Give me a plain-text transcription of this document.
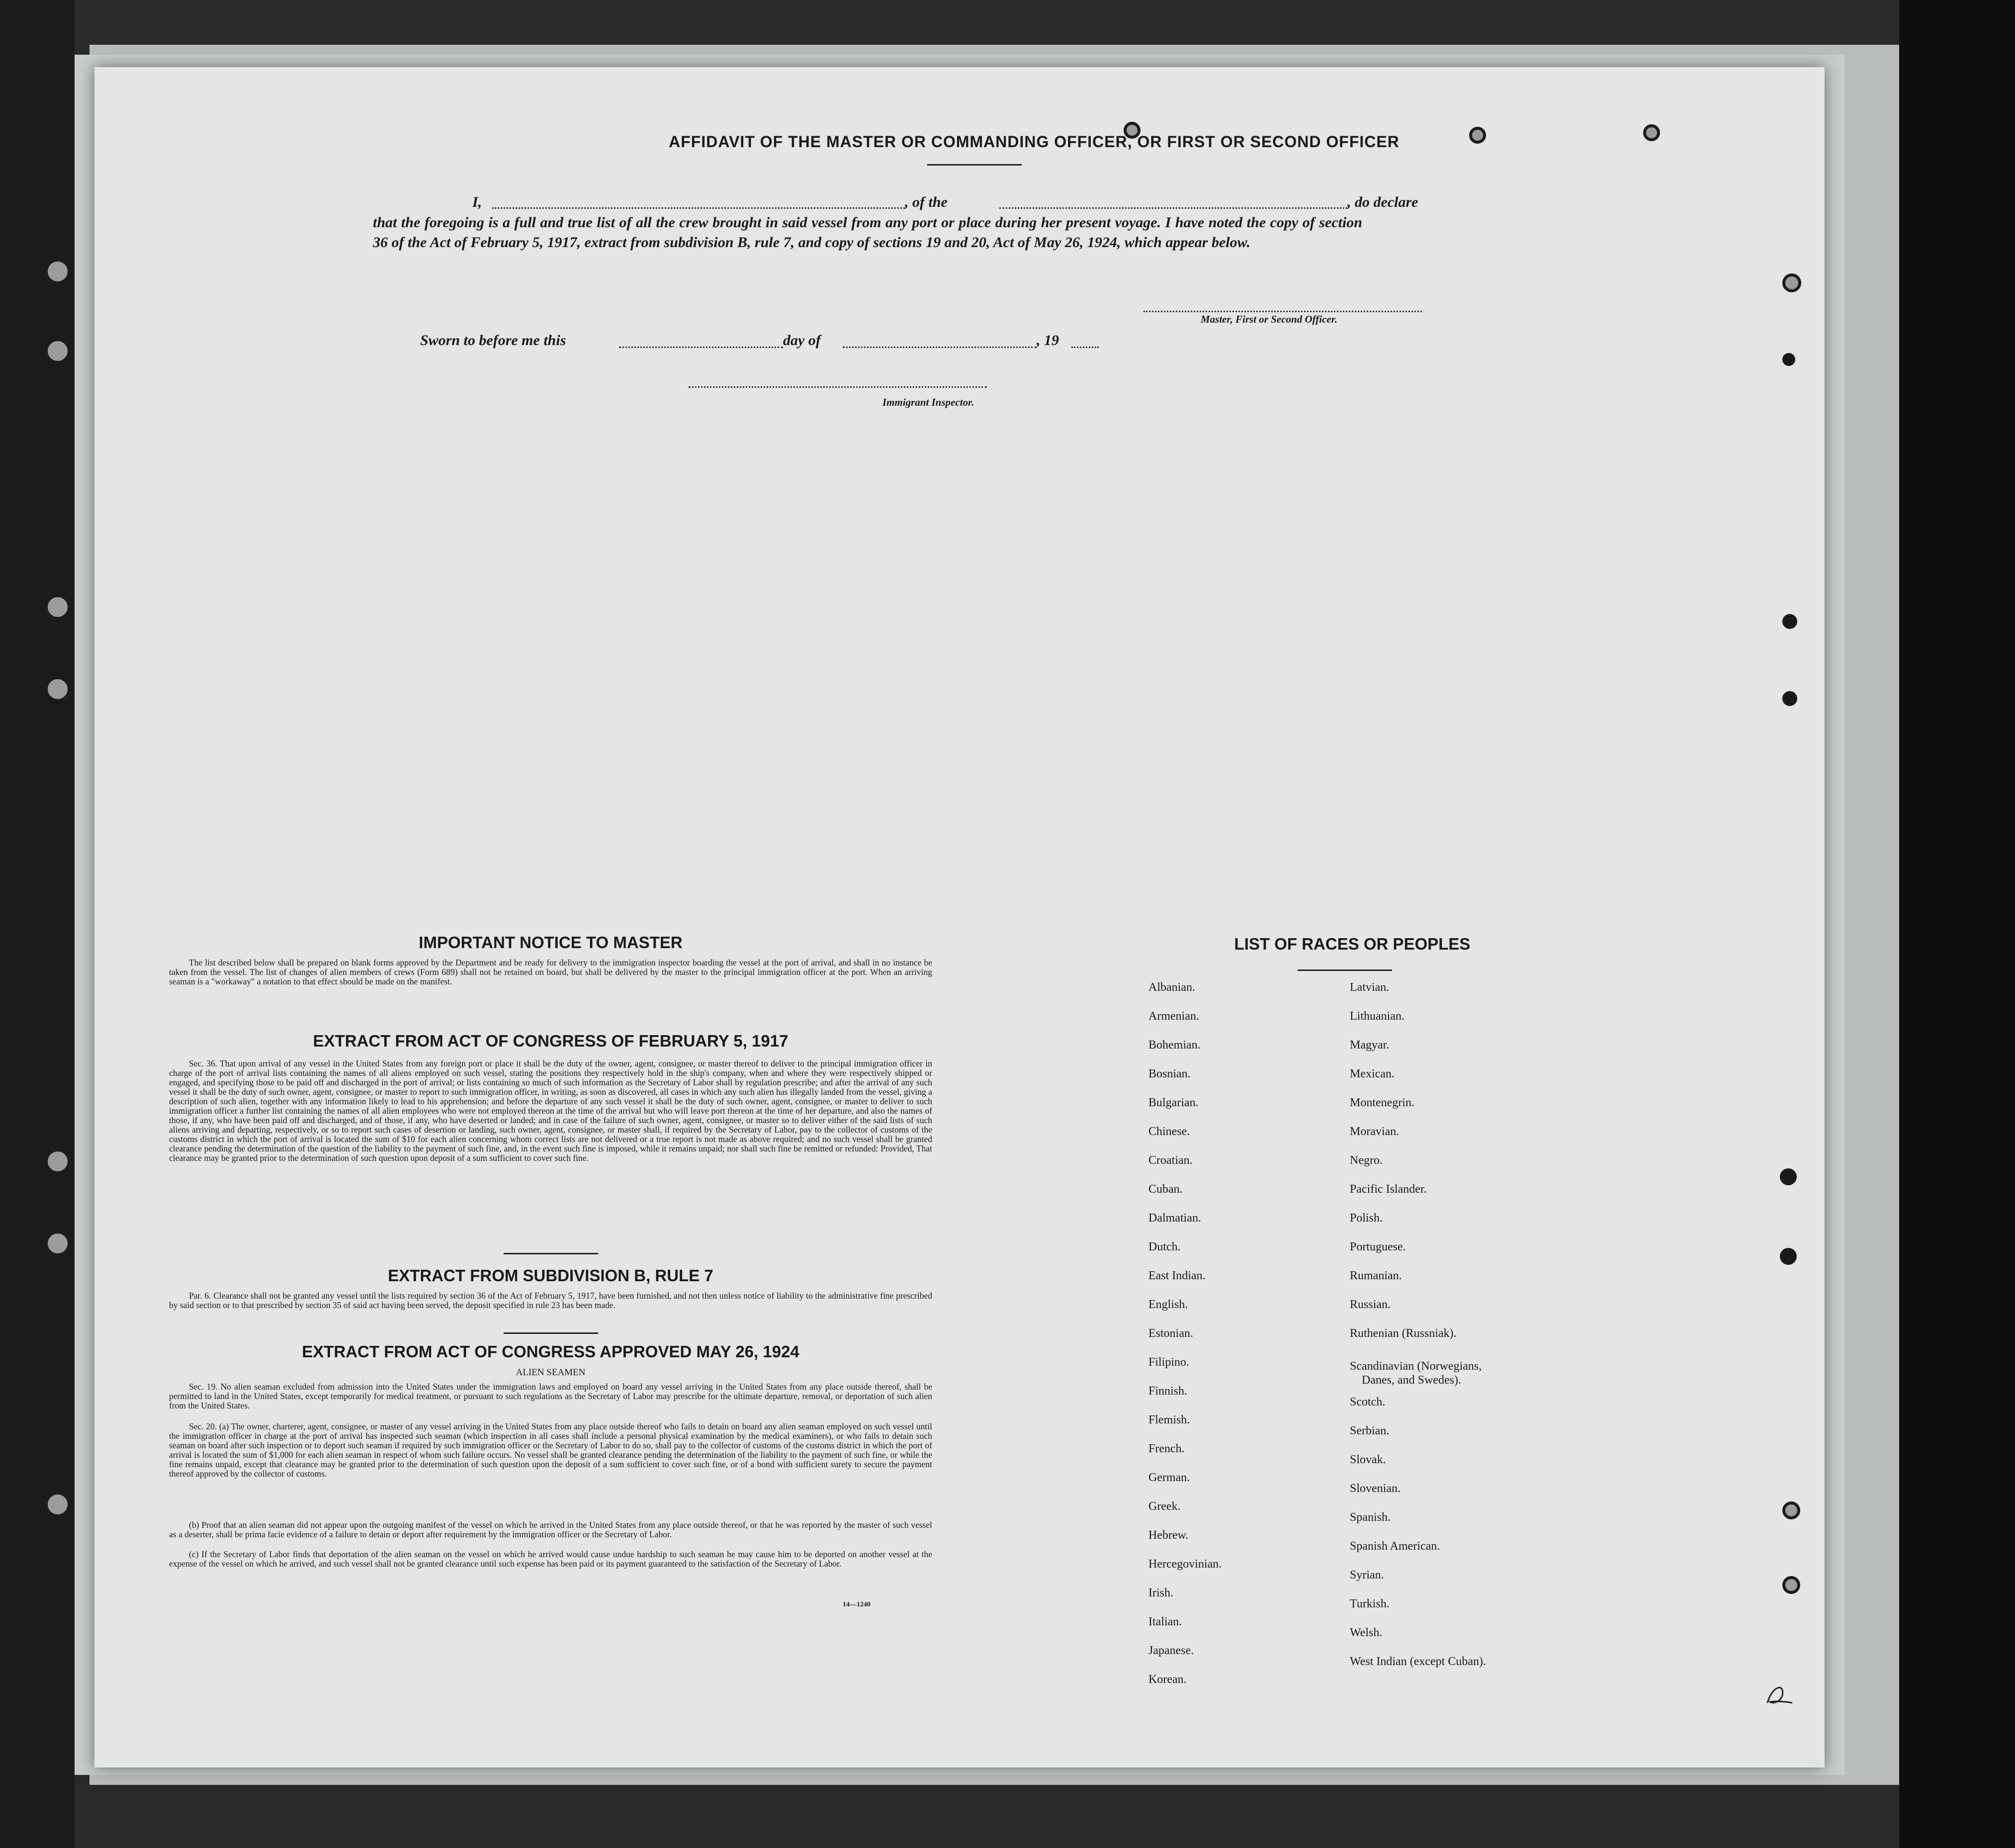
AFFIDAVIT OF THE MASTER OR COMMANDING OFFICER, OR FIRST OR SECOND OFFICER
I,	, of the	, do declare
that the foregoing is a full and true list of all the crew brought in said vessel from any port or place during her present voyage. I have noted the copy of section 36 of the Act of February 5, 1917, extract from subdivision B, rule 7, and copy of sections 19 and 20, Act of May 26, 1924, which appear below.
Master, First or Second Officer.
Sworn to before me this	day of	, 19
Immigrant Inspector.
IMPORTANT NOTICE TO MASTER
The list described below shall be prepared on blank forms approved by the Department and be ready for delivery to the immigration inspector boarding the vessel at the port of arrival, and shall in no instance be taken from the vessel. The list of changes of alien members of crews (Form 689) shall not be retained on board, but shall be delivered by the master to the principal immigration officer at the port. When an arriving seaman is a "workaway" a notation to that effect should be made on the manifest.
EXTRACT FROM ACT OF CONGRESS OF FEBRUARY 5, 1917
Sec. 36. That upon arrival of any vessel in the United States from any foreign port or place it shall be the duty of the owner, agent, consignee, or master thereof to deliver to the principal immigration officer in charge of the port of arrival lists containing the names of all aliens employed on such vessel, stating the positions they respectively hold in the ship's company, when and where they were respectively shipped or engaged, and specifying those to be paid off and discharged in the port of arrival; or lists containing so much of such information as the Secretary of Labor shall by regulation prescribe; and after the arrival of any such vessel it shall be the duty of such owner, agent, consignee, or master to report to such immigration officer, in writing, as soon as discovered, all cases in which any such alien has illegally landed from the vessel, giving a description of such alien, together with any information likely to lead to his apprehension; and before the departure of any such vessel it shall be the duty of such owner, agent, consignee, or master to deliver to such immigration officer a further list containing the names of all alien employees who were not employed thereon at the time of the arrival but who will leave port thereon at the time of her departure, and also the names of those, if any, who have been paid off and discharged, and of those, if any, who have deserted or landed; and in case of the failure of such owner, agent, consignee, or master so to deliver either of the said lists of such aliens arriving and departing, respectively, or so to report such cases of desertion or landing, such owner, agent, consignee, or master shall, if required by the Secretary of Labor, pay to the collector of customs of the customs district in which the port of arrival is located the sum of $10 for each alien concerning whom correct lists are not delivered or a true report is not made as above required; and no such vessel shall be granted clearance pending the determination of the question of the liability to the payment of such fine, and, in the event such fine is imposed, while it remains unpaid; nor shall such fine be remitted or refunded: Provided, That clearance may be granted prior to the determination of such question upon deposit of a sum sufficient to cover such fine.
EXTRACT FROM SUBDIVISION B, RULE 7
Par. 6. Clearance shall not be granted any vessel until the lists required by section 36 of the Act of February 5, 1917, have been furnished, and not then unless notice of liability to the administrative fine prescribed by said section or to that prescribed by section 35 of said act having been served, the deposit specified in rule 23 has been made.
EXTRACT FROM ACT OF CONGRESS APPROVED MAY 26, 1924
ALIEN SEAMEN
Sec. 19. No alien seaman excluded from admission into the United States under the immigration laws and employed on board any vessel arriving in the United States from any place outside thereof, shall be permitted to land in the United States, except temporarily for medical treatment, or pursuant to such regulations as the Secretary of Labor may prescribe for the ultimate departure, removal, or deportation of such alien from the United States.
Sec. 20. (a) The owner, charterer, agent, consignee, or master of any vessel arriving in the United States from any place outside thereof who fails to detain on board any alien seaman employed on such vessel until the immigration officer in charge at the port of arrival has inspected such seaman (which inspection in all cases shall include a personal physical examination by the medical examiners), or who fails to detain such seaman on board after such inspection or to deport such seaman if required by such immigration officer or the Secretary of Labor to do so, shall pay to the collector of customs of the customs district in which the port of arrival is located the sum of $1,000 for each alien seaman in respect of whom such failure occurs. No vessel shall be granted clearance pending the determination of the liability to the payment of such fine, or while the fine remains unpaid, except that clearance may be granted prior to the determination of such question upon the deposit of a sum sufficient to cover such fine, or of a bond with sufficient surety to secure the payment thereof approved by the collector of customs.
(b) Proof that an alien seaman did not appear upon the outgoing manifest of the vessel on which he arrived in the United States from any place outside thereof, or that he was reported by the master of such vessel as a deserter, shall be prima facie evidence of a failure to detain or deport after requirement by the immigration officer or the Secretary of Labor.
(c) If the Secretary of Labor finds that deportation of the alien seaman on the vessel on which he arrived would cause undue hardship to such seaman he may cause him to be deported on another vessel at the expense of the vessel on which he arrived, and such vessel shall not be granted clearance until such expense has been paid or its payment guaranteed to the satisfaction of the Secretary of Labor.
14—1240
LIST OF RACES OR PEOPLES
Albanian.
Armenian.
Bohemian.
Bosnian.
Bulgarian.
Chinese.
Croatian.
Cuban.
Dalmatian.
Dutch.
East Indian.
English.
Estonian.
Filipino.
Finnish.
Flemish.
French.
German.
Greek.
Hebrew.
Hercegovinian.
Irish.
Italian.
Japanese.
Korean.
Latvian.
Lithuanian.
Magyar.
Mexican.
Montenegrin.
Moravian.
Negro.
Pacific Islander.
Polish.
Portuguese.
Rumanian.
Russian.
Ruthenian (Russniak).
Scandinavian (Norwegians,
Danes, and Swedes).
Scotch.
Serbian.
Slovak.
Slovenian.
Spanish.
Spanish American.
Syrian.
Turkish.
Welsh.
West Indian (except Cuban).
